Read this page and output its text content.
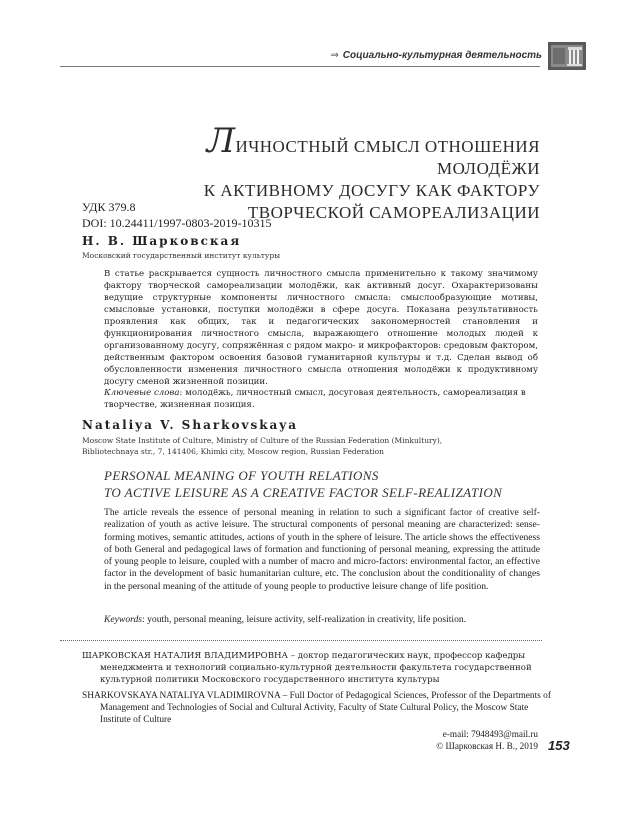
⇒ Социально-культурная деятельность
ЛИЧНОСТНЫЙ СМЫСЛ ОТНОШЕНИЯ МОЛОДЁЖИ
К АКТИВНОМУ ДОСУГУ КАК ФАКТОРУ
ТВОРЧЕСКОЙ САМОРЕАЛИЗАЦИИ
УДК 379.8
DOI: 10.24411/1997-0803-2019-10315
Н. В. Шарковская
Московский государственный институт культуры
В статье раскрывается сущность личностного смысла применительно к такому значимому фактору творческой самореализации молодёжи, как активный досуг. Охарактеризованы ведущие структурные компоненты личностного смысла: смыслообразующие мотивы, смысловые установки, поступки молодёжи в сфере досуга. Показана результативность проявления как общих, так и педагогических закономерностей становления и функционирования личностного смысла, выражающего отношение молодых людей к организованному досугу, сопряжённая с рядом макро- и микрофакторов: средовым фактором, действенным фактором освоения базовой гуманитарной культуры и т.д. Сделан вывод об обусловленности изменения личностного смысла отношения молодёжи к продуктивному досугу сменой жизненной позиции.
Ключевые слова: молодёжь, личностный смысл, досуговая деятельность, самореализация в творчестве, жизненная позиция.
Nataliya V. Sharkovskaya
Moscow State Institute of Culture, Ministry of Culture of the Russian Federation (Minkultury),
Bibliotechnaya str., 7, 141406, Khimki city, Moscow region, Russian Federation
PERSONAL MEANING OF YOUTH RELATIONS
TO ACTIVE LEISURE AS A CREATIVE FACTOR SELF-REALIZATION
The article reveals the essence of personal meaning in relation to such a significant factor of creative self-realization of youth as active leisure. The structural components of personal meaning are characterized: sense-forming motives, semantic attitudes, actions of youth in the sphere of leisure. The article shows the effectiveness of both General and pedagogical laws of formation and functioning of personal meaning, expressing the attitude of young people to leisure, coupled with a number of macro and micro-factors: environmental factor, an effective factor in the development of basic humanitarian culture, etc. The conclusion about the conditionality of changes in the personal meaning of the attitude of young people to productive leisure change of life position.
Keywords: youth, personal meaning, leisure activity, self-realization in creativity, life position.
ШАРКОВСКАЯ НАТАЛИЯ ВЛАДИМИРОВНА – доктор педагогических наук, профессор кафедры менеджмента и технологий социально-культурной деятельности факультета государственной культурной политики Московского государственного института культуры
SHARKOVSKAYA NATALIYA VLADIMIROVNA – Full Doctor of Pedagogical Sciences, Professor of the Departments of Management and Technologies of Social and Cultural Activity, Faculty of State Cultural Policy, the Moscow State Institute of Culture
e-mail: 7948493@mail.ru
© Шарковская Н. В., 2019 153
